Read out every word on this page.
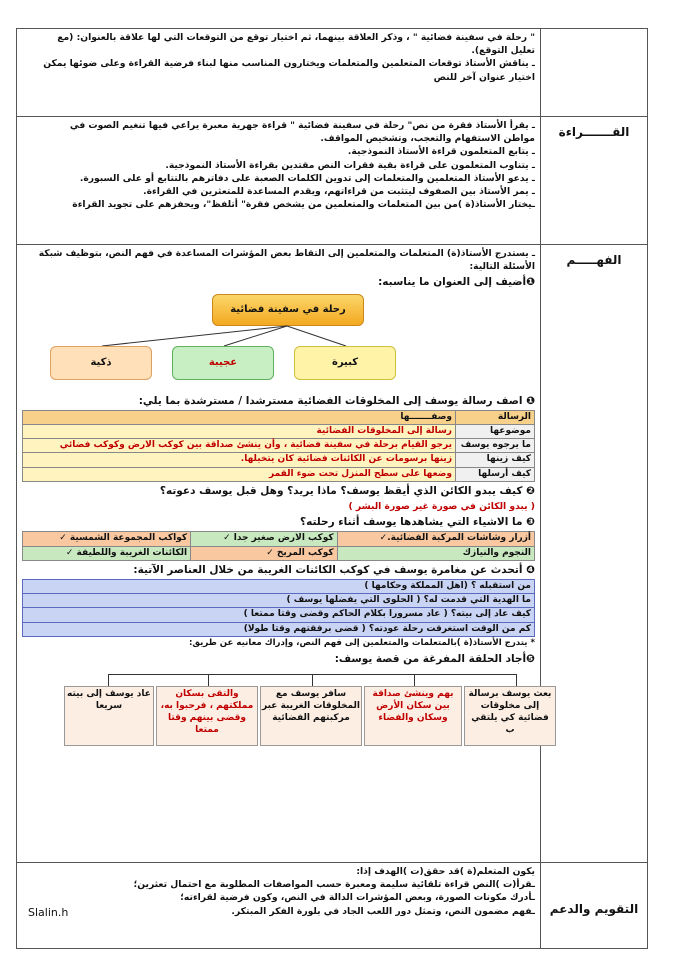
" رحلة في سفينة فضائية " ، وذكر العلاقة بينهما، ثم اختيار توقع من التوقعات التي لها علاقة بالعنوان: (مع
تعليل التوقع).
ـ يناقش الأستاذ توقعات المتعلمين والمتعلمات ويختارون المناسب منها لبناء فرضية القراءة وعلى ضوئها يمكن
اختيار عنوان آخر للنص

القـــــــراءة	
ـ يقرأ الأستاذ فقرة من نص" رحلة في سفينة فضائية " قراءة جهرية معبرة يراعي فيها تنغيم الصوت في
مواطن الاستفهام والتعجب، وتشخيص المواقف.
ـ يتابع المتعلمون قراءة الأستاذ النموذجية.
ـ يتناوب المتعلمون على قراءة بقية فقرات النص مقتدين بقراءة الأستاذ النموذجية.
ـ يدعو الأستاذ المتعلمين والمتعلمات إلى تدوين الكلمات الصعبة على دفاترهم بالتتابع أو على السبورة.
ـ يمر الأستاذ بين الصفوف ليتثبت من قراءاتهم، ويقدم المساعدة للمتعثرين في القراءة.
ـيختار الأستاذ(ة )من بين المتعلمات والمتعلمين من يشخص فقرة" أتلفظ"، ويحفزهم على تجويد القراءة

الفهـــــم	
ـ يستدرج الأستاذ(ة) المتعلمات والمتعلمين إلى التقاط بعض المؤشرات المساعدة في فهم النص، بتوظيف شبكة الأسئلة التالية:
❶أضيف إلى العنوان ما يناسبه:
رحلة في سفينة فضائية
ذكية	عجيبة	كبيرة
❶ اصف رسالة يوسف إلى المخلوقات الفضائية مسترشدا / مسترشدة بما يلي:
الرسالة	وصفـــــــها
موضوعها	رسالة إلى المخلوقات الفضائية
ما يرجوه يوسف	يرجو القيام برحلة في سفينة فضائية ، وأن ينشئ صداقة بين كوكب الارض وكوكب فضائي
كيف زينها	زينها برسومات عن الكائنات فضائية كان يتخيلها.
كيف أرسلها	وضعها على سطح المنزل تحت ضوء القمر
❷ كيف يبدو الكائن الذي أيقظ يوسف؟ ماذا يريد؟ وهل قبل يوسف دعوته؟
( يبدو الكائن في صورة غير صورة البشر )
❸ ما الاشياء التي يشاهدها يوسف أثناء رحلته؟
أزرار وشاشات المركبة الفضائية.✓	كوكب الارض صغير جدا ✓	كواكب المجموعة الشمسية ✓
النجوم والنيازك	كوكب المريخ ✓	الكائنات الغريبة واللطيفة ✓
❹ أتحدث عن مغامرة يوسف في كوكب الكائنات الغريبة من خلال العناصر الآتية:
من استقبله ؟ (اهل المملكة وحكامها )
ما الهدية التي قدمت له؟ ( الحلوى التي يفضلها يوسف )
كيف عاد إلى بيته؟ ( عاد مسرورا بكلام الحاكم وقضى وقتا ممتعا )
كم من الوقت استغرقت رحلة عودته؟ ( قضى برفقتهم وقتا طولا)
* يتدرج الأستاذ(ة )بالمتعلمات والمتعلمين إلى فهم النص، وإدراك معانيه عن طريق:
❺أجاد الحلقة المفرغة من قصة يوسف:
بعث يوسف برسالة إلى مخلوقات فضائية كي يلتقي ب
بهم وينشئ صداقة بين سكان الأرض وسكان والفضاء
سافر يوسف مع المخلوقات الغريبة عبر مركبتهم الفضائية
والتقى بسكان مملكتهم ، فرحبوا به، وقضى بينهم وقتا ممتعا
عاد يوسف إلى بيته سريعا

التقويم والدعم	
يكون المتعلم(ة )قد حقق(ت )الهدف إذا:
ـقرأ(ت )النص قراءة تلقائية سليمة ومعبرة حسب المواصفات المطلوبة مع احتمال تعثرين؛
ـأدرك مكونات الصورة، وبعض المؤشرات الدالة في النص، وكون فرضية لقراءته؛
ـفهم مضمون النص، وتمثل دور اللعب الجاد في بلورة الفكر المبتكر.
Slalin.h
